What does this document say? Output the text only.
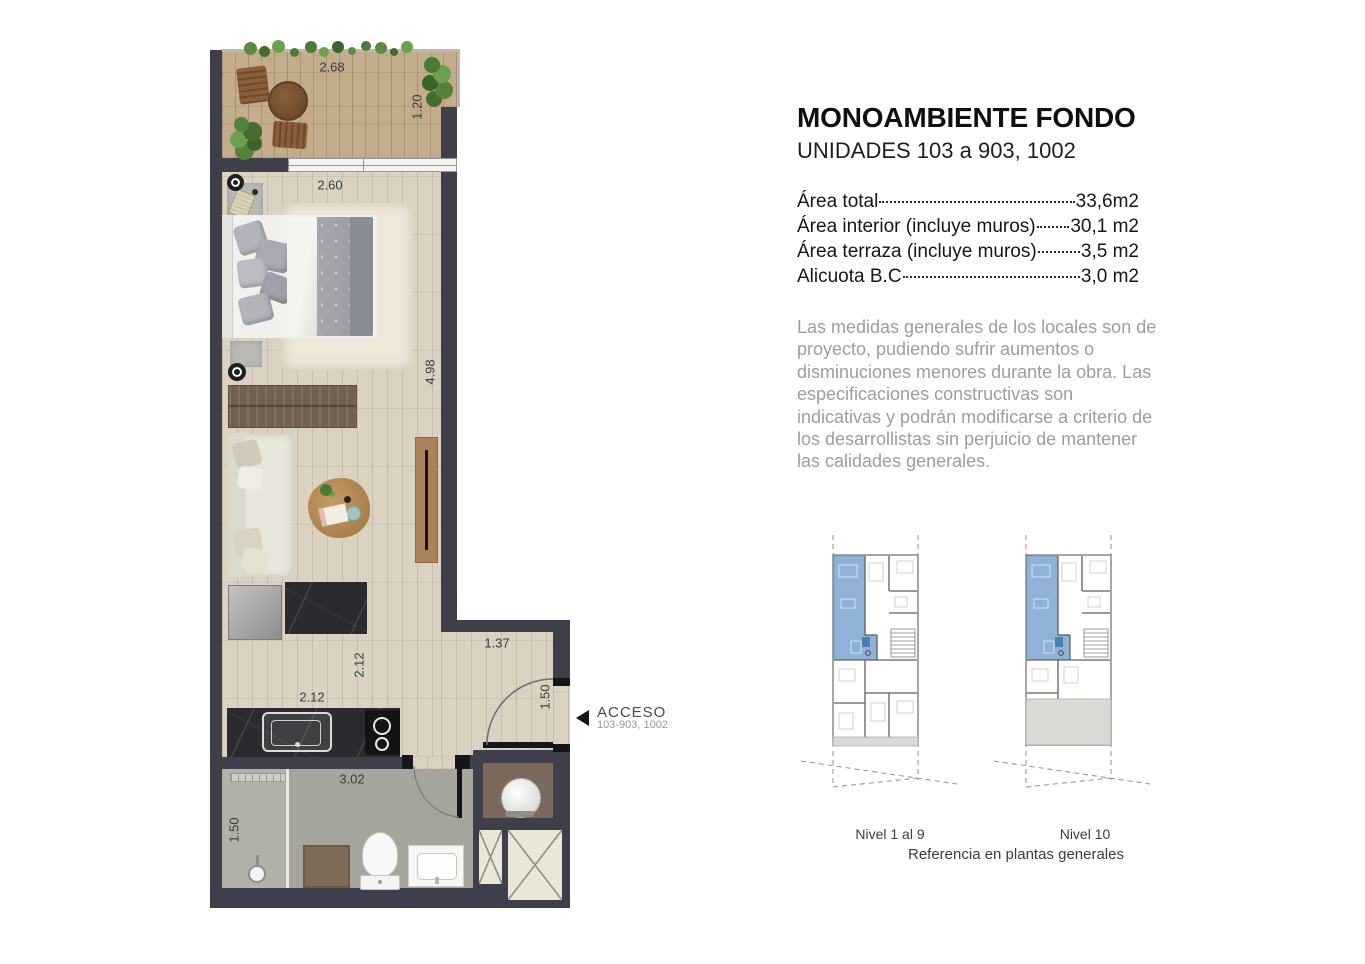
2.68
1.20
2.60
4.98
2.12
2.12
1.37
1.50
3.02
1.50
ACCESO
103-903, 1002
MONOAMBIENTE FONDO
UNIDADES 103 a 903, 1002
Área total	33,6m2
Área interior (incluye muros) 30,1 m2
Área terraza (incluye muros) 3,5 m2
Alicuota B.C	3,0 m2
Las medidas generales de los locales son de proyecto, pudiendo sufrir aumentos o disminuciones menores durante la obra. Las especificaciones constructivas son indicativas y podrán modificarse a criterio de los desarrollistas sin perjuicio de mantener las calidades generales.
Nivel 1 al 9	Nivel 10
Referencia en plantas generales
